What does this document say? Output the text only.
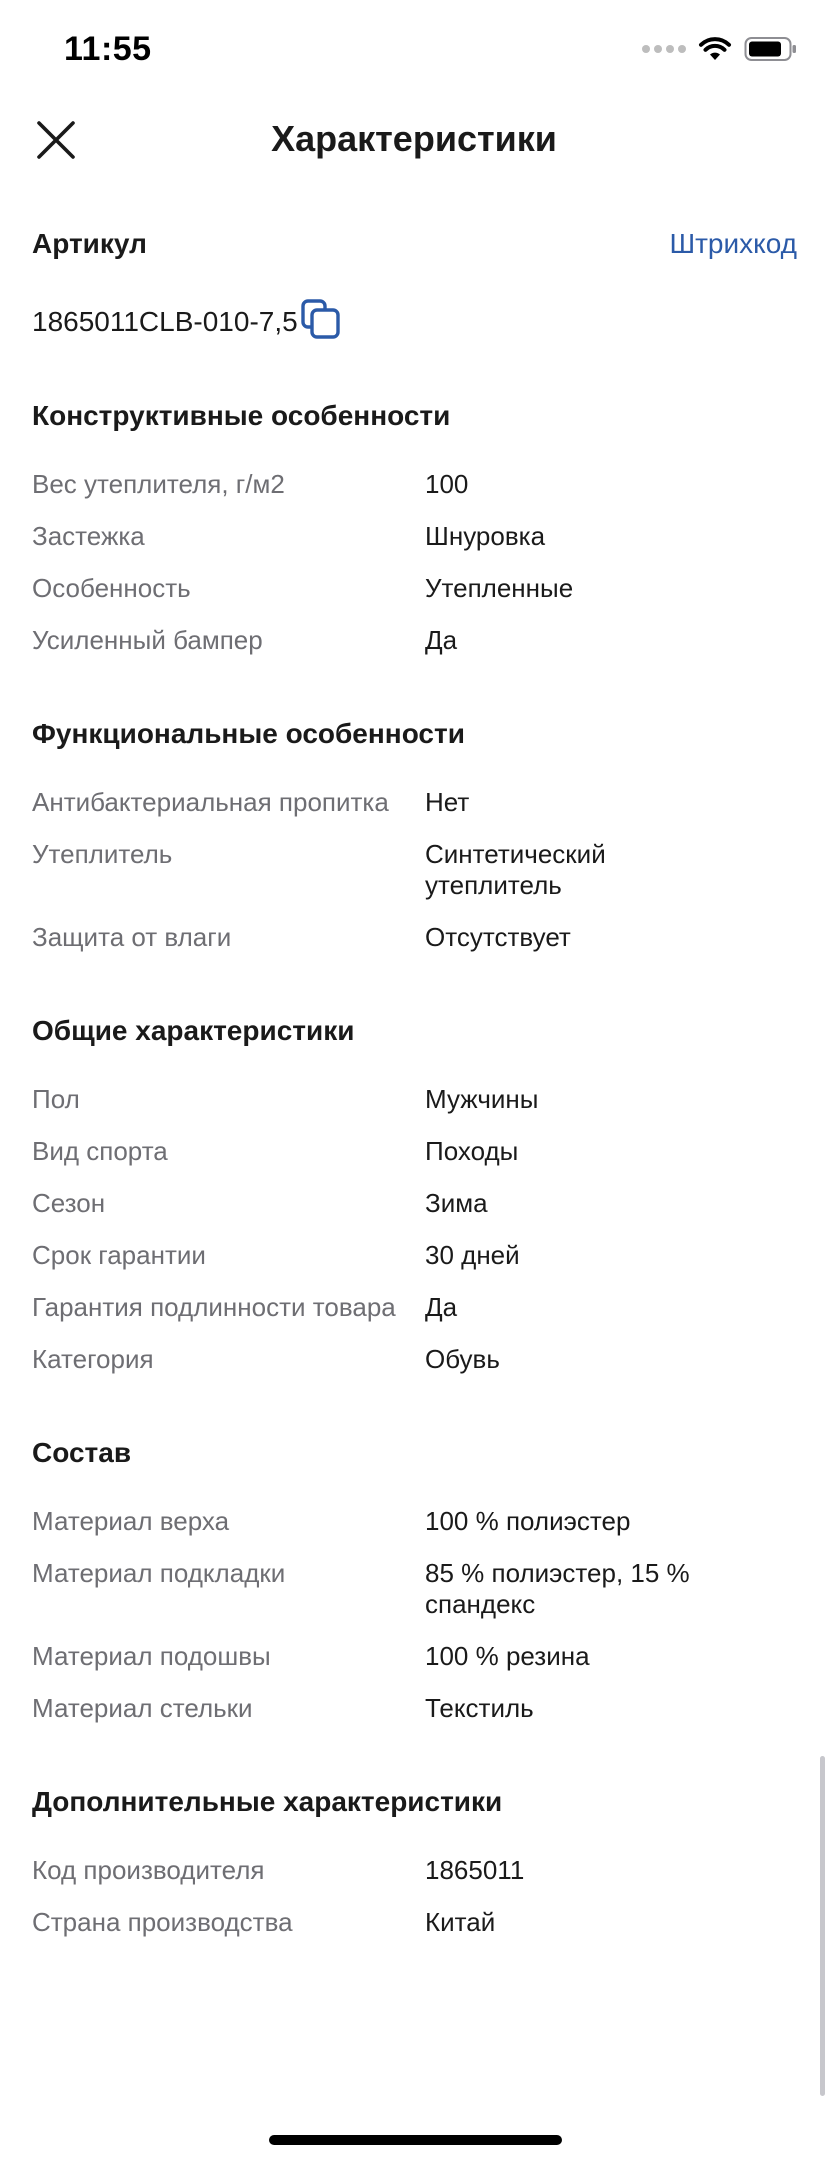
11:55
Характеристики
Артикул	Штрихкод
1865011CLB-010-7,5
Конструктивные особенности
Вес утеплителя, г/м2	100
Застежка	Шнуровка
Особенность	Утепленные
Усиленный бампер	Да
Функциональные особенности
Антибактериальная пропитка	Нет
Утеплитель	Синтетический утеплитель
Защита от влаги	Отсутствует
Общие характеристики
Пол	Мужчины
Вид спорта	Походы
Сезон	Зима
Срок гарантии	30 дней
Гарантия подлинности товара	Да
Категория	Обувь
Состав
Материал верха	100 % полиэстер
Материал подкладки	85 % полиэстер, 15 % спандекс
Материал подошвы	100 % резина
Материал стельки	Текстиль
Дополнительные характеристики
Код производителя	1865011
Страна производства	Китай
